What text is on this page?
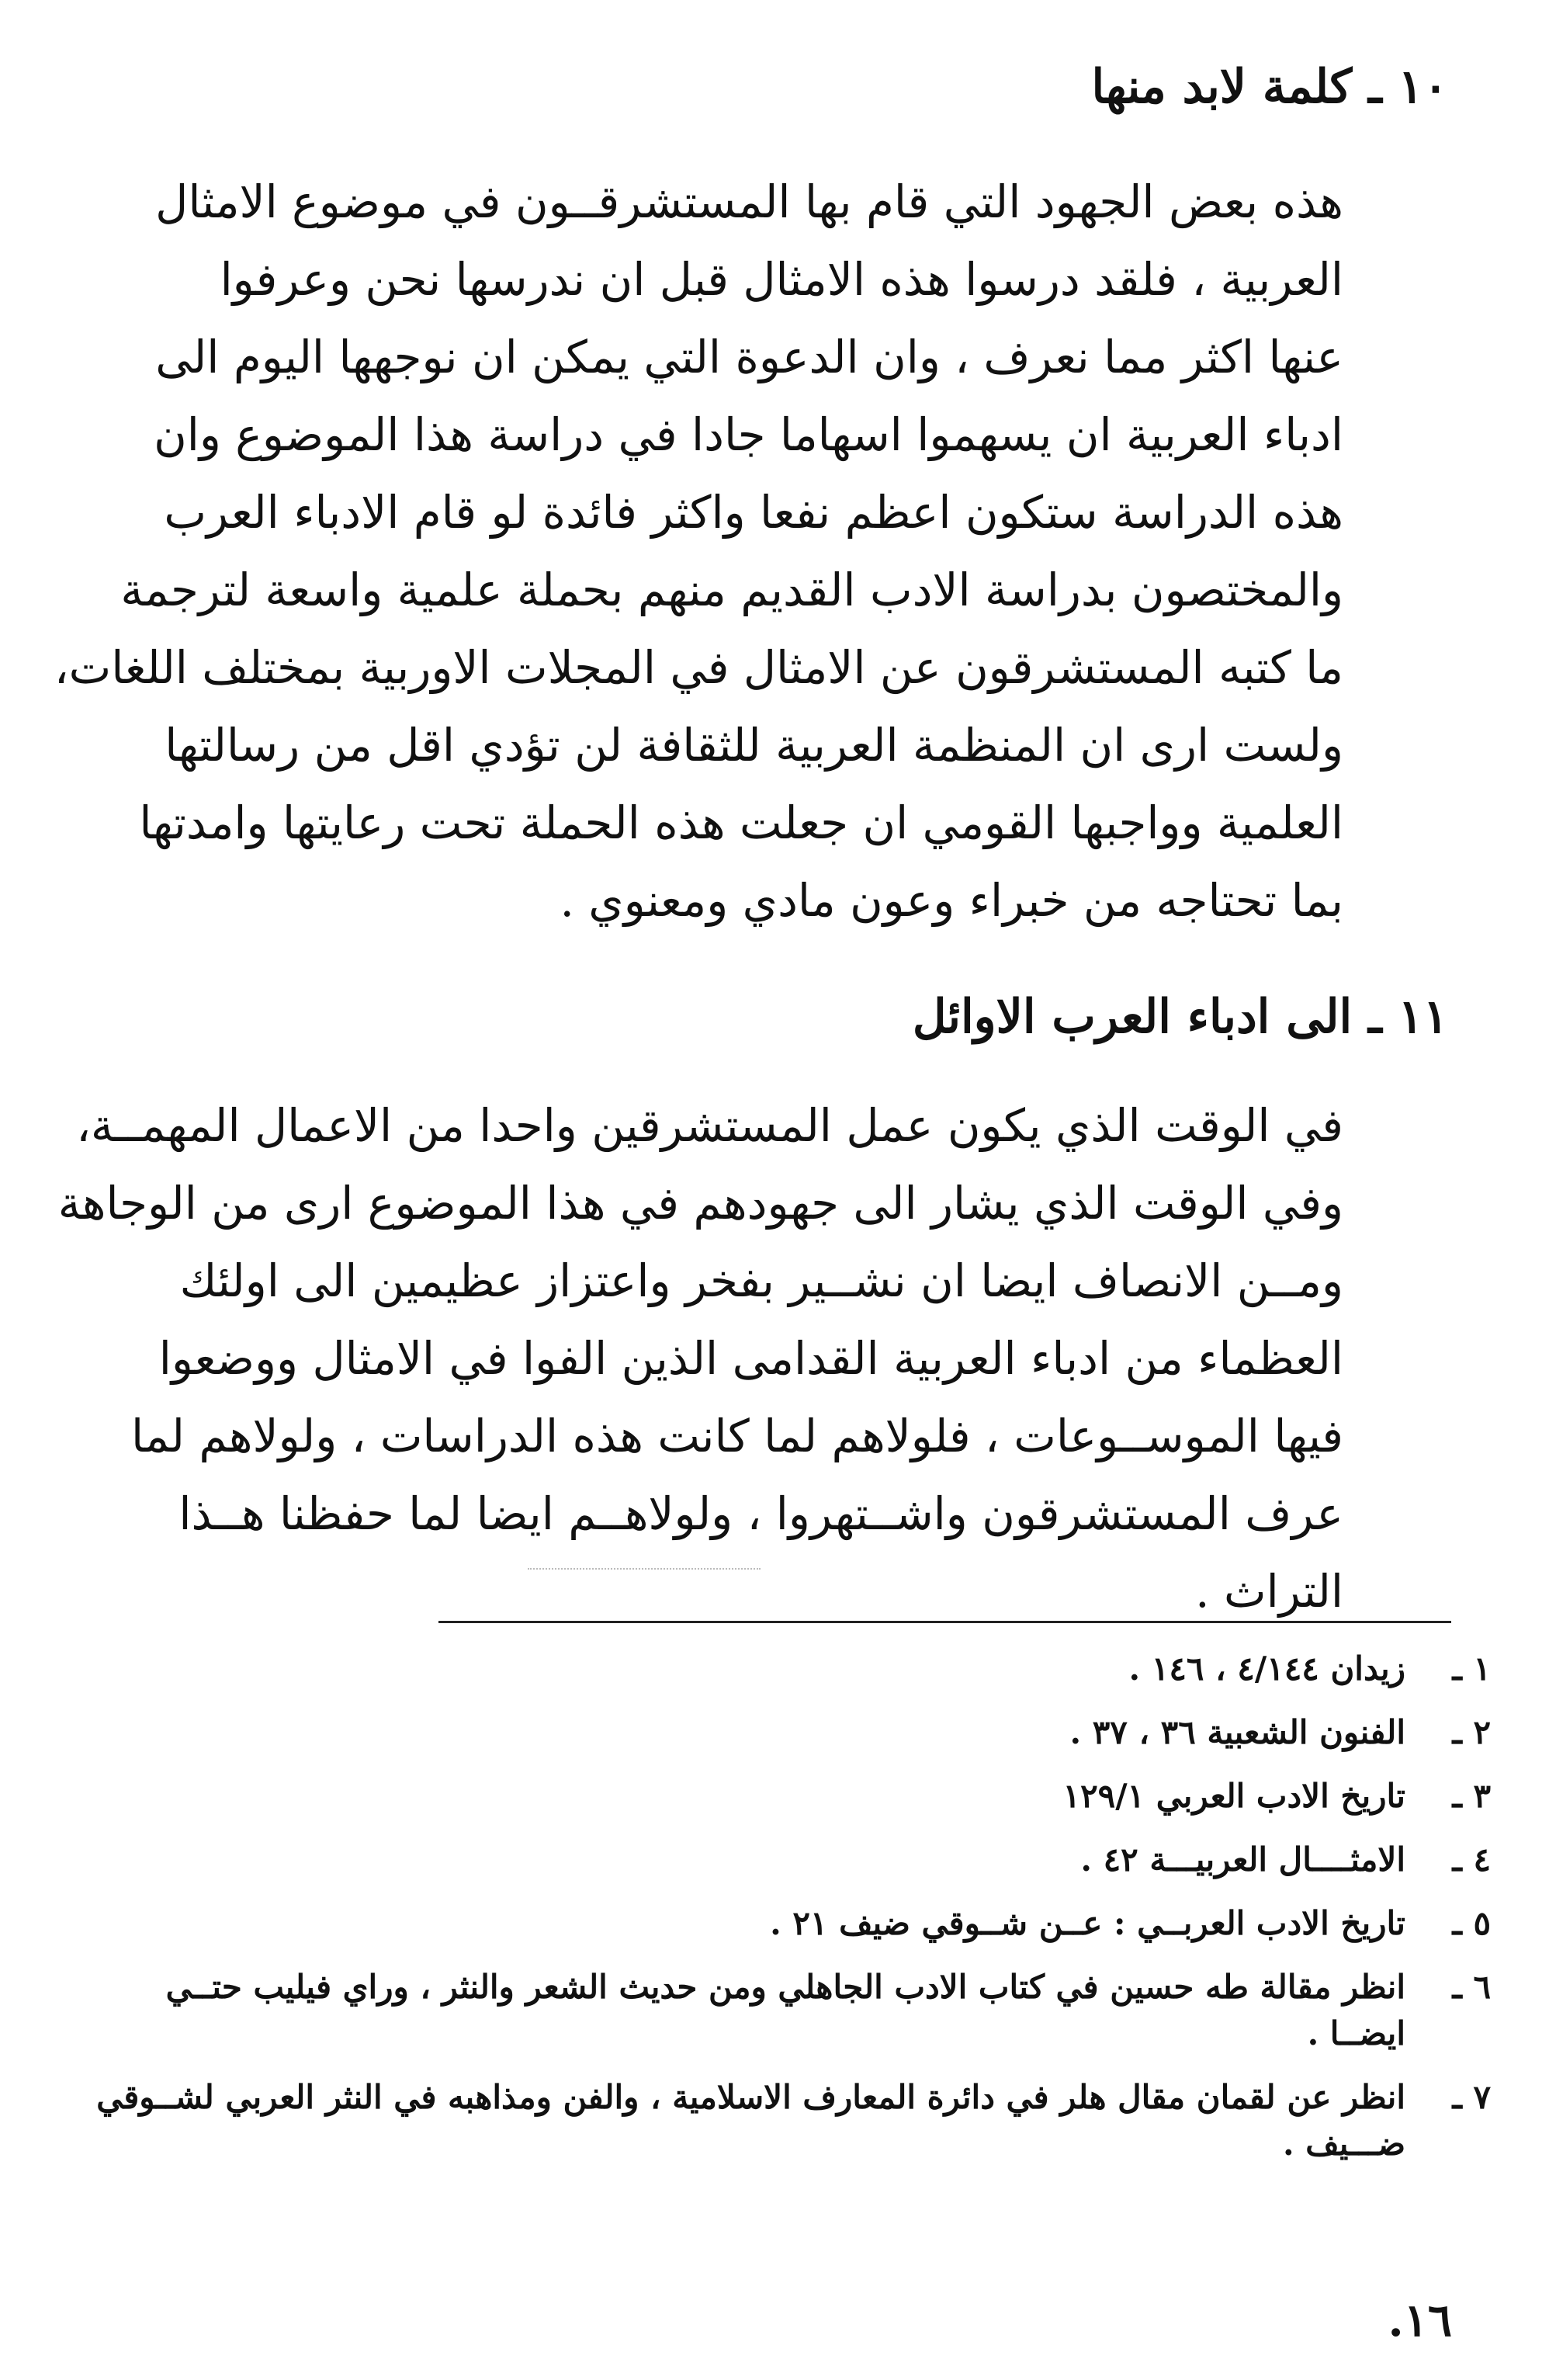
١٠ ـ كلمة لابد منها
هذه بعض الجهود التي قام بها المستشرقــون في موضوع الامثال
العربية ، فلقد درسوا هذه الامثال قبل ان ندرسها نحن وعرفوا
عنها اكثر مما نعرف ، وان الدعوة التي يمكن ان نوجهها اليوم الى
ادباء العربية ان يسهموا اسهاما جادا في دراسة هذا الموضوع وان
هذه الدراسة ستكون اعظم نفعا واكثر فائدة لو قام الادباء العرب
والمختصون بدراسة الادب القديم منهم بحملة علمية واسعة لترجمة
ما كتبه المستشرقون عن الامثال في المجلات الاوربية بمختلف اللغات،
ولست ارى ان المنظمة العربية للثقافة لن تؤدي اقل من رسالتها
العلمية وواجبها القومي ان جعلت هذه الحملة تحت رعايتها وامدتها
بما تحتاجه من خبراء وعون مادي ومعنوي .
١١ ـ الى ادباء العرب الاوائل
في الوقت الذي يكون عمل المستشرقين واحدا من الاعمال المهمــة،
وفي الوقت الذي يشار الى جهودهم في هذا الموضوع ارى من الوجاهة
ومــن الانصاف ايضا ان نشــير بفخر واعتزاز عظيمين الى اولئك
العظماء من ادباء العربية القدامى الذين الفوا في الامثال ووضعوا
فيها الموســوعات ، فلولاهم لما كانت هذه الدراسات ، ولولاهم لما
عرف المستشرقون واشــتهروا ، ولولاهــم ايضا لما حفظنا هــذا
التراث .
١ ـ
زيدان ٤/١٤٤ ، ١٤٦ .
٢ ـ
الفنون الشعبية ٣٦ ، ٣٧ .
٣ ـ
تاريخ الادب العربي ١٢٩/١
٤ ـ
الامثــــال العربيـــة ٤٢ .
٥ ـ
تاريخ الادب العربــي : عــن شــوقي ضيف ٢١ .
٦ ـ
انظر مقالة طه حسين في كتاب الادب الجاهلي ومن حديث الشعر والنثر ، وراي فيليب حتــي ايضــا .
٧ ـ
انظر عن لقمان مقال هلر في دائرة المعارف الاسلامية ، والفن ومذاهبه في النثر العربي لشــوقي ضـــيف .
١٦.
